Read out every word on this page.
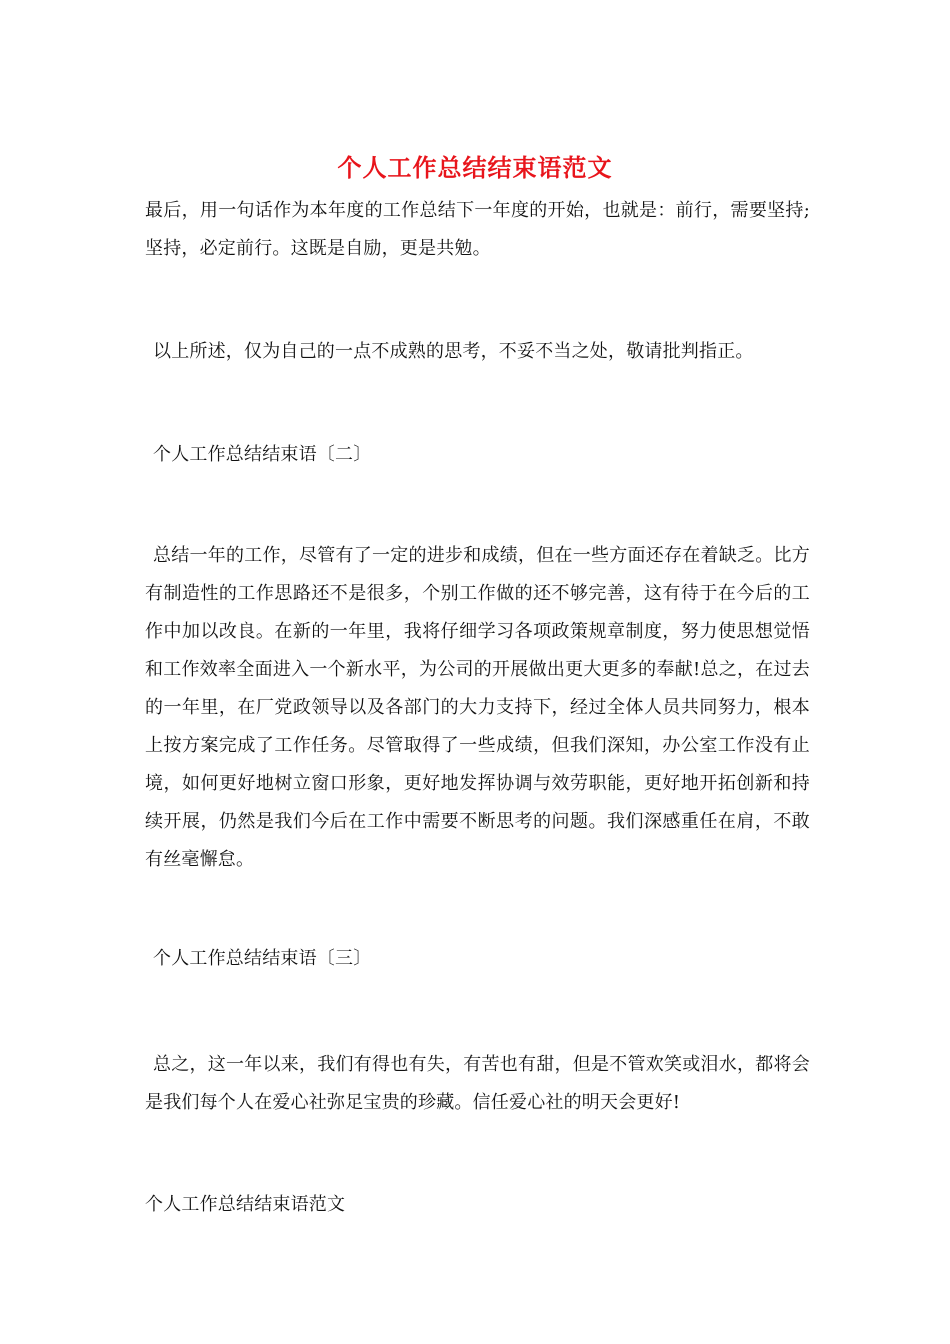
个人工作总结结束语范文

最后，用一句话作为本年度的工作总结下一年度的开始，也就是：前行，需要坚持;坚持，必定前行。这既是自励，更是共勉。

以上所述，仅为自己的一点不成熟的思考，不妥不当之处，敬请批判指正。

个人工作总结结束语〔二〕

总结一年的工作，尽管有了一定的进步和成绩，但在一些方面还存在着缺乏。比方有制造性的工作思路还不是很多，个别工作做的还不够完善，这有待于在今后的工作中加以改良。在新的一年里，我将仔细学习各项政策规章制度，努力使思想觉悟和工作效率全面进入一个新水平，为公司的开展做出更大更多的奉献!总之，在过去的一年里，在厂党政领导以及各部门的大力支持下，经过全体人员共同努力，根本上按方案完成了工作任务。尽管取得了一些成绩，但我们深知，办公室工作没有止境，如何更好地树立窗口形象，更好地发挥协调与效劳职能，更好地开拓创新和持续开展，仍然是我们今后在工作中需要不断思考的问题。我们深感重任在肩，不敢有丝毫懈怠。

个人工作总结结束语〔三〕

总之，这一年以来，我们有得也有失，有苦也有甜，但是不管欢笑或泪水，都将会是我们每个人在爱心社弥足宝贵的珍藏。信任爱心社的明天会更好!

个人工作总结结束语范文
